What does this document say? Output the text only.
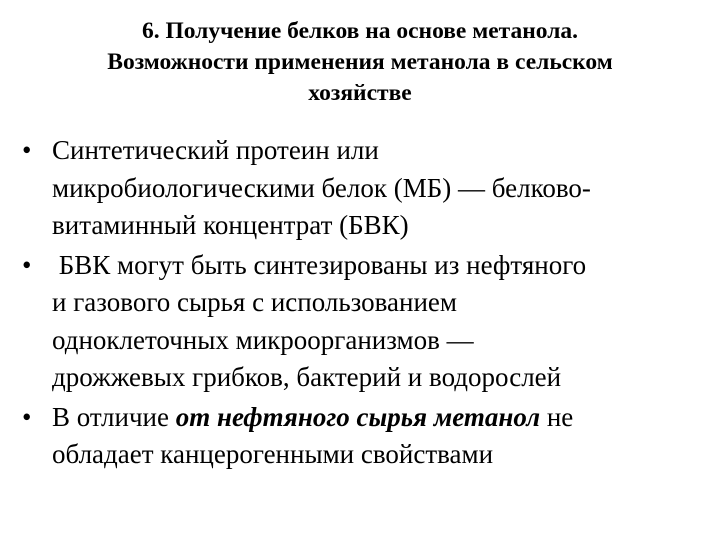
6. Получение белков на основе метанола.
Возможности применения метанола в сельском
хозяйстве
• Синтетический протеин или
микробиологическими белок (МБ) — белково-
витаминный концентрат (БВК)
• БВК могут быть синтезированы из нефтяного
и газового сырья с использованием
одноклеточных микроорганизмов —
дрожжевых грибков, бактерий и водорослей
• В отличие от нефтяного сырья метанол не
обладает канцерогенными свойствами
